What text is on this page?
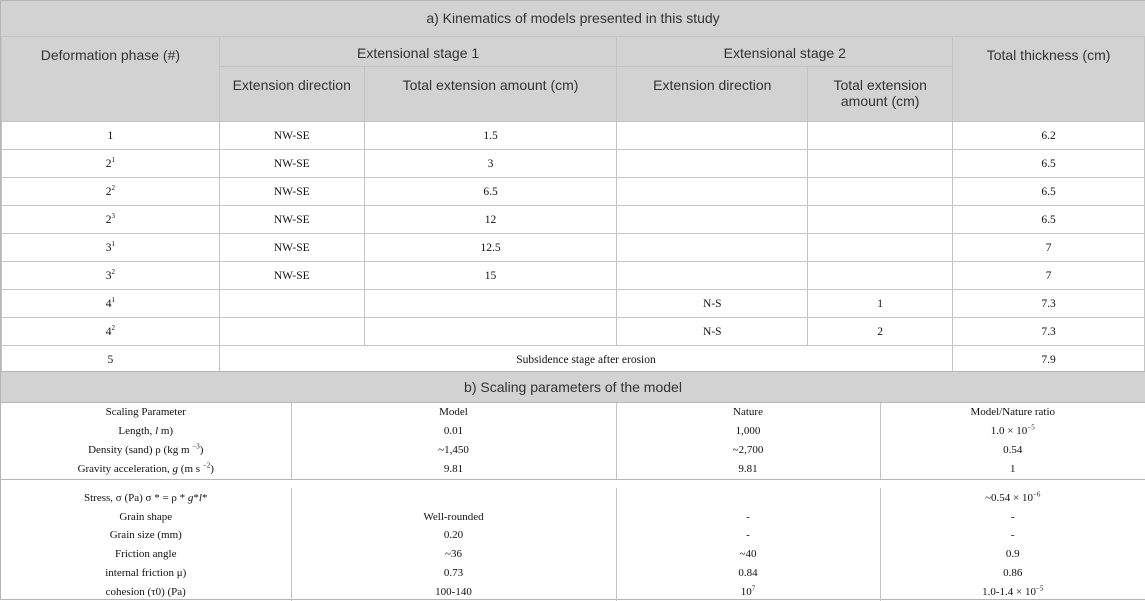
a) Kinematics of models presented in this study
Deformation phase (#)	Extensional stage 1		Extensional stage 2		Total thickness (cm)
	Extension direction	Total extension amount (cm)	Extension direction	Total extension amount (cm)	
1	NW-SE	1.5			6.2
$2^1$	NW-SE	3			6.5
$2^2$	NW-SE	6.5			6.5
$2^3$	NW-SE	12			6.5
$3^1$	NW-SE	12.5			7
$3^2$	NW-SE	15			7
$4^1$			N-S	1	7.3
$4^2$			N-S	2	7.3
5	Subsidence stage after erosion				7.9
b) Scaling parameters of the model
Scaling Parameter	Model	Nature	Model/Nature ratio
Length, l m)	0.01	1,000	$1.0 \times 10^{-5}$
Density (sand) ρ (kg m $^{-3}$)	~1,450	~2,700	0.54
Gravity acceleration, g (m s $^{-2}$)	9.81	9.81	1

Stress, σ (Pa) σ * = ρ * g*l*			~0.54 × $10^{-6}$
Grain shape	Well-rounded	-	-
Grain size (mm)	0.20	-	-
Friction angle	~36	~40	0.9
internal friction μ)	0.73	0.84	0.86
cohesion (τ0) (Pa)	100-140	$10^7$	$1.0-1.4 \times 10^{-5}$
